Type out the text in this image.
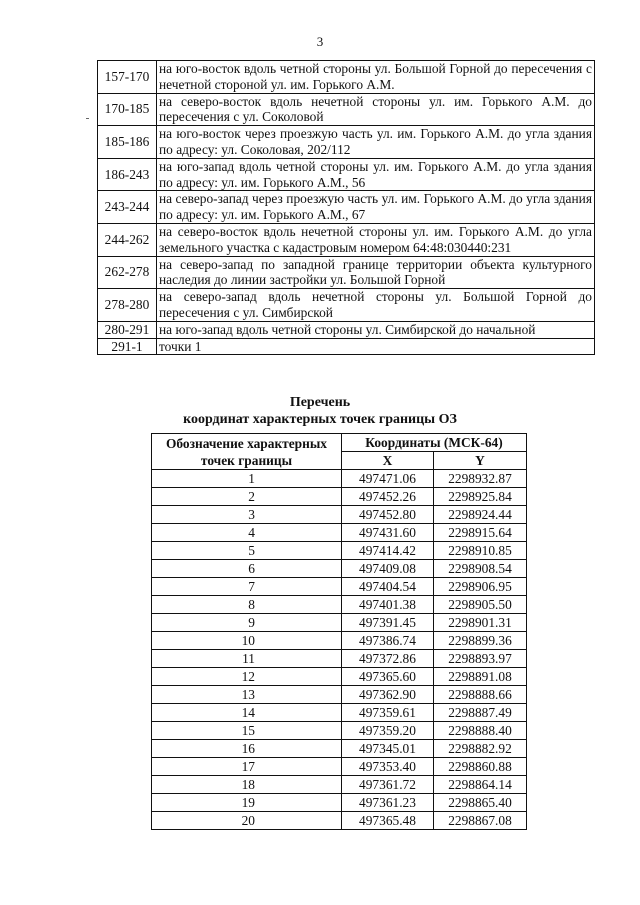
3
157-170	на юго-восток вдоль четной стороны ул. Большой Горной до пересечения с нечетной стороной ул. им. Горького А.М.
170-185	на северо-восток вдоль нечетной стороны ул. им. Горького А.М. до пересечения с ул. Соколовой
185-186	на юго-восток через проезжую часть ул. им. Горького А.М. до угла здания по адресу: ул. Соколовая, 202/112
186-243	на юго-запад вдоль четной стороны ул. им. Горького А.М. до угла здания по адресу: ул. им. Горького А.М., 56
243-244	на северо-запад через проезжую часть ул. им. Горького А.М. до угла здания по адресу: ул. им. Горького А.М., 67
244-262	на северо-восток вдоль нечетной стороны ул. им. Горького А.М. до угла земельного участка с кадастровым номером 64:48:030440:231
262-278	на северо-запад по западной границе территории объекта культурного наследия до линии застройки ул. Большой Горной
278-280	на северо-запад вдоль нечетной стороны ул. Большой Горной до пересечения с ул. Симбирской
280-291	на юго-запад вдоль четной стороны ул. Симбирской до начальной
291-1	точки 1
Перечень
координат характерных точек границы ОЗ
Обозначение характерных точек границы	Координаты (МСК-64)	
	X	Y
1	497471.06	2298932.87
2	497452.26	2298925.84
3	497452.80	2298924.44
4	497431.60	2298915.64
5	497414.42	2298910.85
6	497409.08	2298908.54
7	497404.54	2298906.95
8	497401.38	2298905.50
9	497391.45	2298901.31
10	497386.74	2298899.36
11	497372.86	2298893.97
12	497365.60	2298891.08
13	497362.90	2298888.66
14	497359.61	2298887.49
15	497359.20	2298888.40
16	497345.01	2298882.92
17	497353.40	2298860.88
18	497361.72	2298864.14
19	497361.23	2298865.40
20	497365.48	2298867.08
